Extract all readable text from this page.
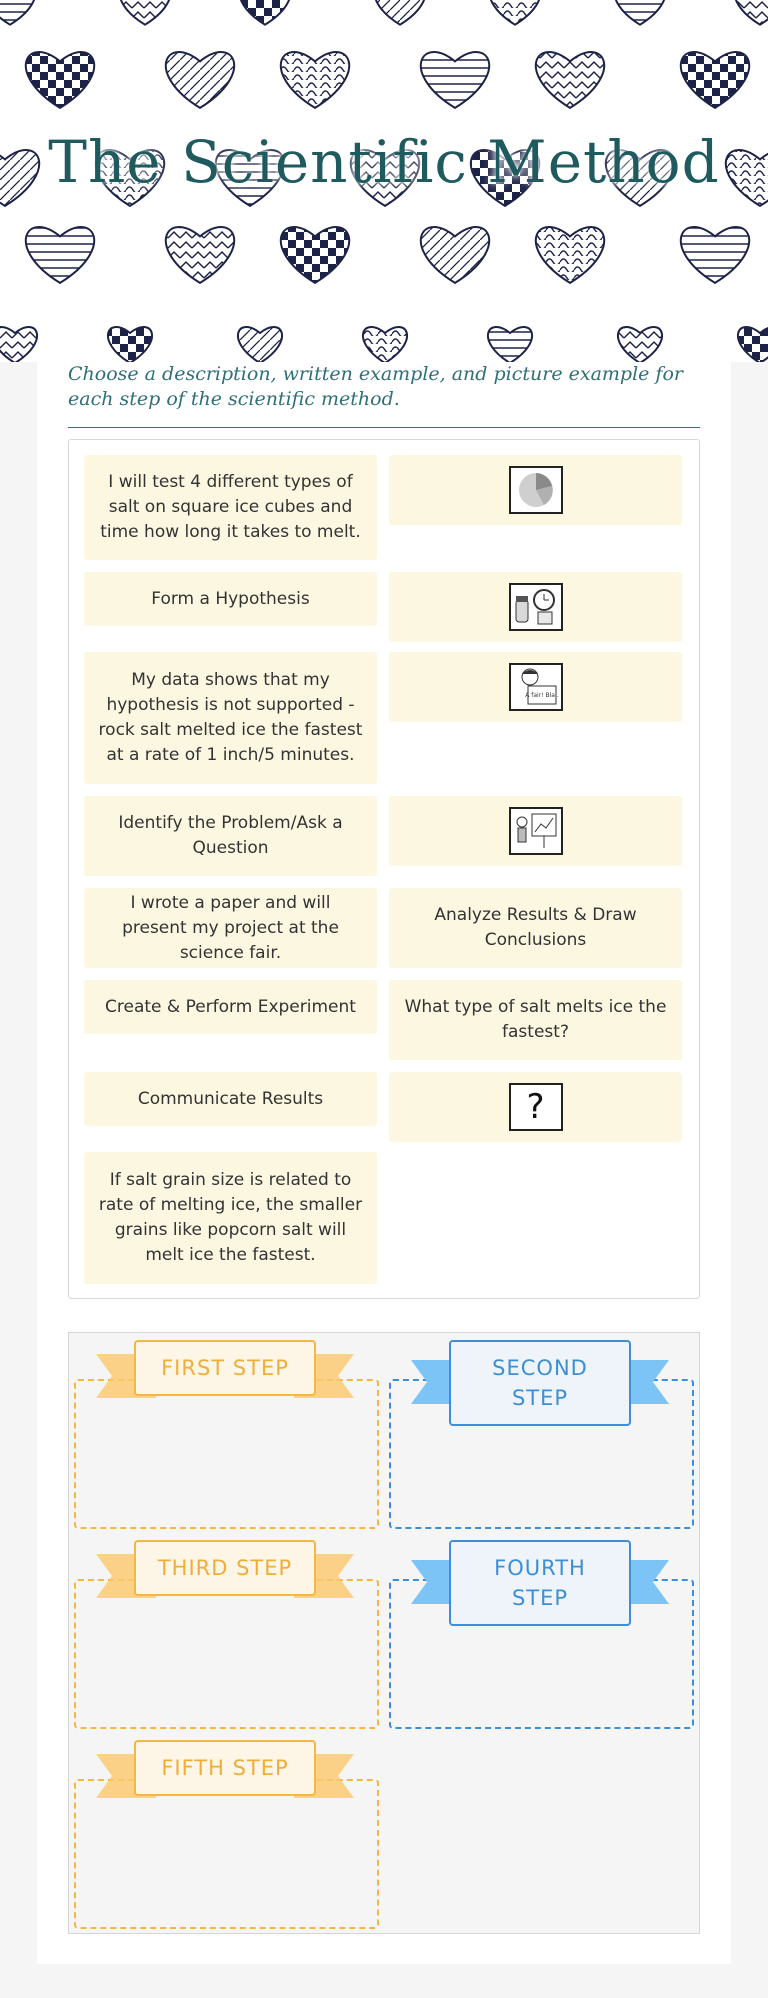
The Scientific Method
Choose a description, written example, and picture example for each step of the scientific method.
I will test 4 different types of salt on square ice cubes and time how long it takes to melt.
Form a Hypothesis
My data shows that my hypothesis is not supported - rock salt melted ice the fastest at a rate of 1 inch/5 minutes.
A fair! Bla..
Identify the Problem/Ask a Question
I wrote a paper and will present my project at the science fair.
Analyze Results & Draw Conclusions
Create & Perform Experiment	What type of salt melts ice the fastest?
Communicate Results	?
If salt grain size is related to rate of melting ice, the smaller grains like popcorn salt will melt ice the fastest.
FIRST STEP	SECOND STEP
THIRD STEP	FOURTH STEP
FIFTH STEP
